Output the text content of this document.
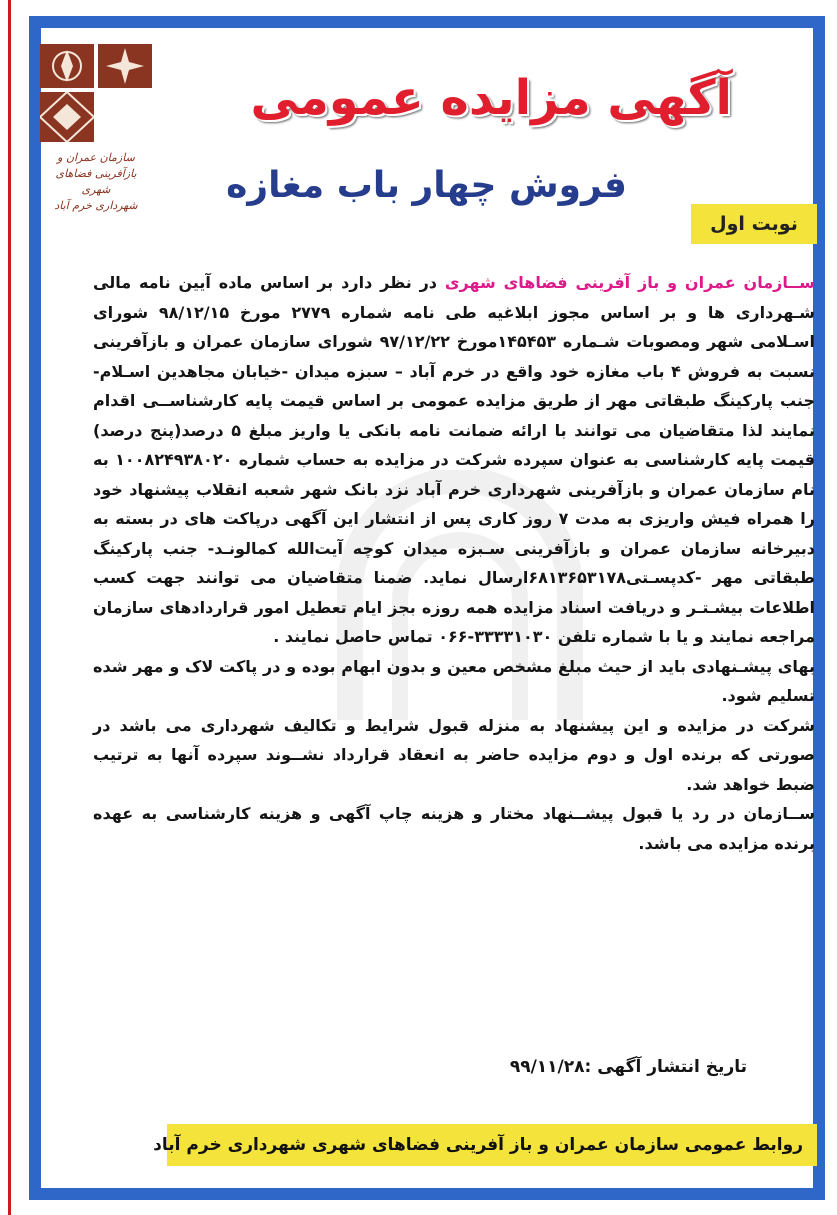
سازمان عمران و
بازآفرینی فضاهای شهری
شهرداری خرم آباد
آگهی مزایده عمومی
فروش چهار باب مغازه
نوبت اول

ســازمان عمران و باز آفرینی فضاهای شهری در نظر دارد بر اساس ماده آیین نامه مالی شـهرداری ها و بر اساس مجوز ابلاغیه طی نامه شماره ۲۷۷۹ مورخ ۹۸/۱۲/۱۵ شورای اسـلامی شهر ومصوبات شـماره ۱۴۵۴۵۳مورخ ۹۷/۱۲/۲۲ شورای سازمان عمران و بازآفرینی نسبت به فروش ۴ باب مغازه خود واقع در خرم آباد – سبزه میدان -خیابان مجاهدین اسـلام- جنب پارکینگ طبقاتی مهر از طریق مزایده عمومی بر اساس قیمت پایه کارشناســی اقدام نمایند لذا متقاضیان می توانند با ارائه ضمانت نامه بانکی یا واریز مبلغ ۵ درصد(پنج درصد) قیمت پایه کارشناسی به عنوان سپرده شرکت در مزایده به حساب شماره ۱۰۰۸۲۴۹۳۸۰۲۰ به نام سازمان عمران و بازآفرینی شهرداری خرم آباد نزد بانک شهر شعبه انقلاب پیشنهاد خود را همراه فیش واریزی به مدت ۷ روز کاری پس از انتشار این آگهی درپاکت های در بسته به دبیرخانه سازمان عمران و بازآفرینی سـبزه میدان کوچه آیت‌الله کمالونـد- جنب پارکینگ طبقاتی مهر -کدپسـتی۶۸۱۳۶۵۳۱۷۸ارسال نماید. ضمنا متقاضیان می توانند جهت کسب اطلاعات بیشـتـر و دریافت اسناد مزایده همه روزه بجز ایام تعطیل امور قراردادهای سازمان مراجعه نمایند و یا با شماره تلفن ۳۳۳۳۱۰۳۰-۰۶۶ تماس حاصل نمایند .

بهای پیشـنهادی باید از حیث مبلغ مشخص معین و بدون ابهام بوده و در پاکت لاک و مهر شده تسلیم شود.

شرکت در مزایده و این پیشنهاد به منزله قبول شرایط و تکالیف شهرداری می باشد در صورتی که برنده اول و دوم مزایده حاضر به انعقاد قرارداد نشــوند سپرده آنها به ترتیب ضبط خواهد شد.

ســازمان در رد یا قبول پیشــنهاد مختار و هزینه چاپ آگهی و هزینه کارشناسی به عهده برنده مزایده می باشد.

تاریخ انتشار آگهی :۹۹/۱۱/۲۸
روابط عمومی سازمان عمران و باز آفرینی فضاهای شهری شهرداری خرم آباد
